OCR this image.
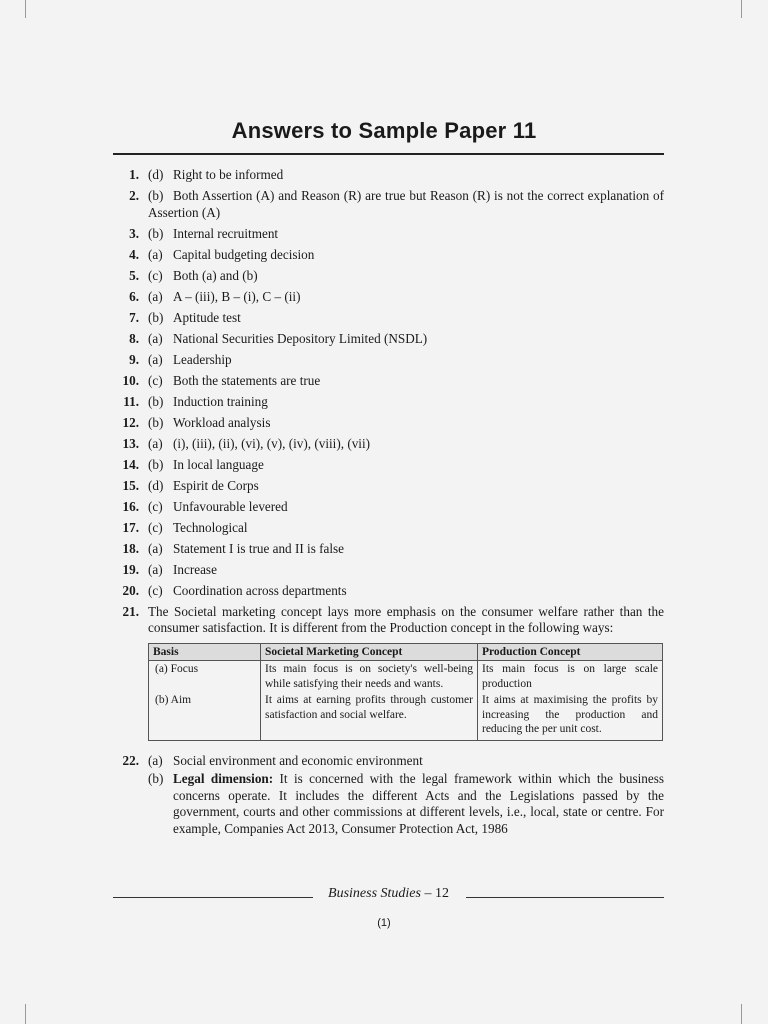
Answers to Sample Paper 11
1. (d) Right to be informed
2. (b) Both Assertion (A) and Reason (R) are true but Reason (R) is not the correct explanation of Assertion (A)
3. (b) Internal recruitment
4. (a) Capital budgeting decision
5. (c) Both (a) and (b)
6. (a) A – (iii), B – (i), C – (ii)
7. (b) Aptitude test
8. (a) National Securities Depository Limited (NSDL)
9. (a) Leadership
10. (c) Both the statements are true
11. (b) Induction training
12. (b) Workload analysis
13. (a) (i), (iii), (ii), (vi), (v), (iv), (viii), (vii)
14. (b) In local language
15. (d) Espirit de Corps
16. (c) Unfavourable levered
17. (c) Technological
18. (a) Statement I is true and II is false
19. (a) Increase
20. (c) Coordination across departments
21. The Societal marketing concept lays more emphasis on the consumer welfare rather than the consumer satisfaction. It is different from the Production concept in the following ways:
Basis	Societal Marketing Concept	Production Concept
(a) Focus	Its main focus is on society's well-being while satisfying their needs and wants.	Its main focus is on large scale production
(b) Aim	It aims at earning profits through customer satisfaction and social welfare.	It aims at maximising the profits by increasing the production and reducing the per unit cost.
22. (a) Social environment and economic environment
(b) Legal dimension: It is concerned with the legal framework within which the business concerns operate. It includes the different Acts and the Legislations passed by the government, courts and other commissions at different levels, i.e., local, state or centre. For example, Companies Act 2013, Consumer Protection Act, 1986
Business Studies – 12
(1)
